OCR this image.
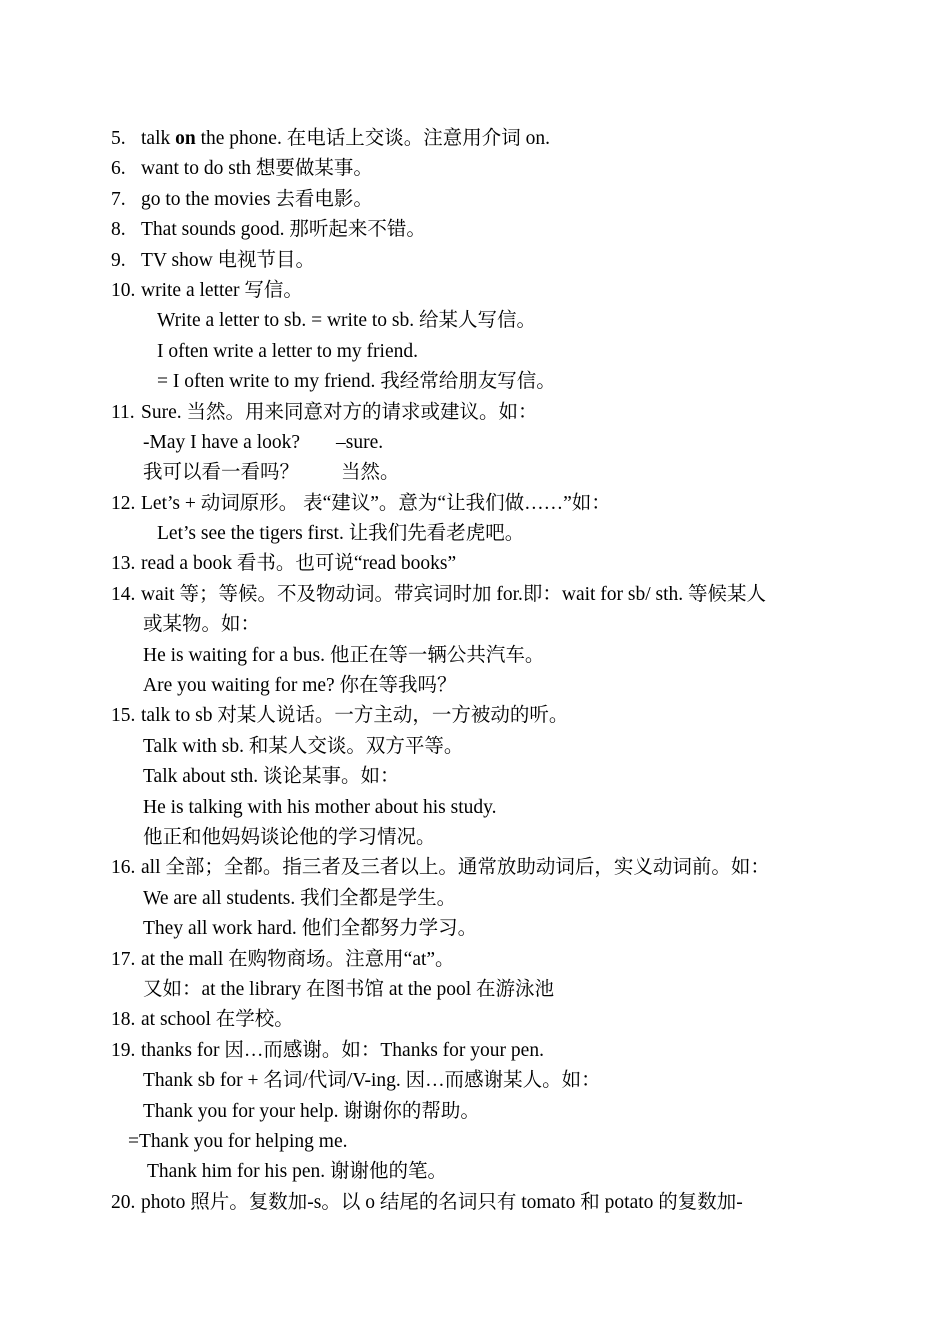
5. talk on the phone. 在电话上交谈。注意用介词 on.
6. want to do sth 想要做某事。
7. go to the movies 去看电影。
8. That sounds good. 那听起来不错。
9. TV show 电视节目。
10. write a letter 写信。
Write a letter to sb. = write to sb. 给某人写信。
I often write a letter to my friend.
= I often write to my friend. 我经常给朋友写信。
11. Sure. 当然。用来同意对方的请求或建议。如：
-May I have a look? –sure.
我可以看一看吗？ 当然。
12. Let’s + 动词原形。 表“建议”。意为“让我们做……”如：
Let’s see the tigers first. 让我们先看老虎吧。
13. read a book 看书。也可说“read books”
14. wait 等；等候。不及物动词。带宾词时加 for.即：wait for sb/ sth. 等候某人
或某物。如：
He is waiting for a bus. 他正在等一辆公共汽车。
Are you waiting for me? 你在等我吗？
15. talk to sb 对某人说话。一方主动，一方被动的听。
Talk with sb. 和某人交谈。双方平等。
Talk about sth. 谈论某事。如：
He is talking with his mother about his study.
他正和他妈妈谈论他的学习情况。
16. all 全部；全都。指三者及三者以上。通常放助动词后，实义动词前。如：
We are all students. 我们全都是学生。
They all work hard. 他们全都努力学习。
17. at the mall 在购物商场。注意用“at”。
又如：at the library 在图书馆 at the pool 在游泳池
18. at school 在学校。
19. thanks for 因…而感谢。如：Thanks for your pen.
Thank sb for + 名词/代词/V-ing. 因…而感谢某人。如：
Thank you for your help. 谢谢你的帮助。
=Thank you for helping me.
Thank him for his pen. 谢谢他的笔。
20. photo 照片。复数加-s。以 o 结尾的名词只有 tomato 和 potato 的复数加-
